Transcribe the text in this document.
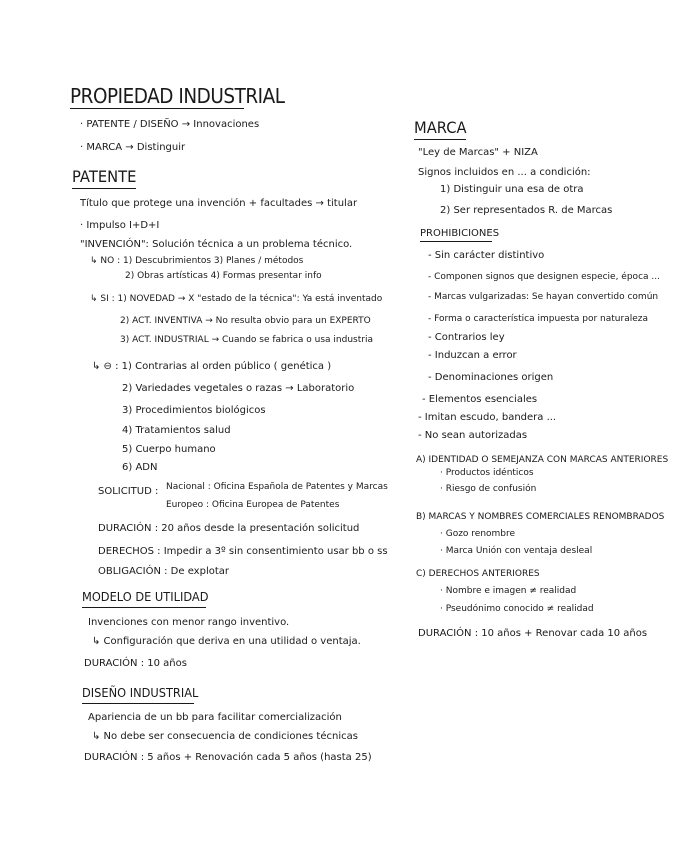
PROPIEDAD INDUSTRIAL
· PATENTE / DISEÑO → Innovaciones
· MARCA → Distinguir
PATENTE
Título que protege una invención + facultades → titular
· Impulso I+D+I
"INVENCIÓN": Solución técnica a un problema técnico.
↳ NO : 1) Descubrimientos 3) Planes / métodos
2) Obras artísticas 4) Formas presentar info
↳ SI : 1) NOVEDAD → X "estado de la técnica": Ya está inventado
2) ACT. INVENTIVA → No resulta obvio para un EXPERTO
3) ACT. INDUSTRIAL → Cuando se fabrica o usa industria
↳ ⊖ : 1) Contrarias al orden público ( genética )
2) Variedades vegetales o razas → Laboratorio
3) Procedimientos biológicos
4) Tratamientos salud
5) Cuerpo humano
6) ADN
SOLICITUD : Nacional : Oficina Española de Patentes y Marcas
Europeo : Oficina Europea de Patentes
DURACIÓN : 20 años desde la presentación solicitud
DERECHOS : Impedir a 3º sin consentimiento usar bb o ss
OBLIGACIÓN : De explotar
MODELO DE UTILIDAD
Invenciones con menor rango inventivo.
↳ Configuración que deriva en una utilidad o ventaja.
DURACIÓN : 10 años
DISEÑO INDUSTRIAL
Apariencia de un bb para facilitar comercialización
↳ No debe ser consecuencia de condiciones técnicas
DURACIÓN : 5 años + Renovación cada 5 años (hasta 25)
MARCA
"Ley de Marcas" + NIZA
Signos incluidos en ... a condición:
1) Distinguir una esa de otra
2) Ser representados R. de Marcas
PROHIBICIONES
- Sin carácter distintivo
- Componen signos que designen especie, época ...
- Marcas vulgarizadas: Se hayan convertido común
- Forma o característica impuesta por naturaleza
- Contrarios ley
- Induzcan a error
- Denominaciones origen
- Elementos esenciales
- Imitan escudo, bandera ...
- No sean autorizadas
A) IDENTIDAD O SEMEJANZA CON MARCAS ANTERIORES
· Productos idénticos
· Riesgo de confusión
B) MARCAS Y NOMBRES COMERCIALES RENOMBRADOS
· Gozo renombre
· Marca Unión con ventaja desleal
C) DERECHOS ANTERIORES
· Nombre e imagen ≠ realidad
· Pseudónimo conocido ≠ realidad
DURACIÓN : 10 años + Renovar cada 10 años
